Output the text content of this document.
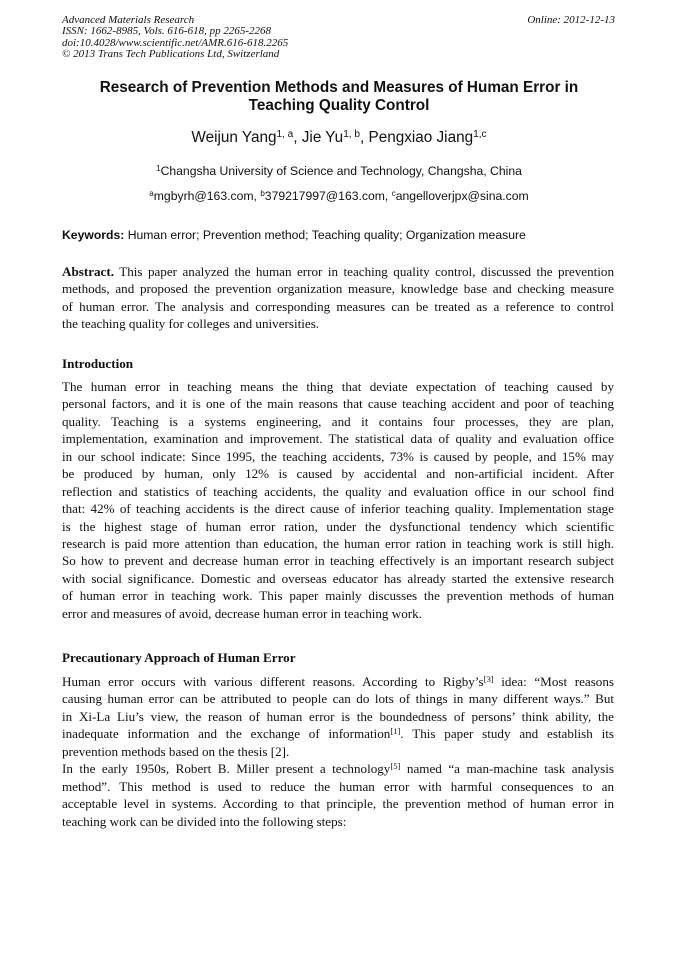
Advanced Materials Research
ISSN: 1662-8985, Vols. 616-618, pp 2265-2268
doi:10.4028/www.scientific.net/AMR.616-618.2265
© 2013 Trans Tech Publications Ltd, Switzerland
Online: 2012-12-13
Research of Prevention Methods and Measures of Human Error in
Teaching Quality Control
Weijun Yang$^{1, a}$, Jie Yu$^{1, b}$, Pengxiao Jiang$^{1,c}$
$^1$Changsha University of Science and Technology, Changsha, China
$^a$mgbyrh@163.com, $^b$379217997@163.com, $^c$angelloverjpx@sina.com
Keywords: Human error; Prevention method; Teaching quality; Organization measure
Abstract. This paper analyzed the human error in teaching quality control, discussed the prevention
methods, and proposed the prevention organization measure, knowledge base and checking measure
of human error. The analysis and corresponding measures can be treated as a reference to control
the teaching quality for colleges and universities.
Introduction
The human error in teaching means the thing that deviate expectation of teaching caused by
personal factors, and it is one of the main reasons that cause teaching accident and poor of teaching
quality. Teaching is a systems engineering, and it contains four processes, they are plan,
implementation, examination and improvement. The statistical data of quality and evaluation office
in our school indicate: Since 1995, the teaching accidents, 73% is caused by people, and 15% may
be produced by human, only 12% is caused by accidental and non-artificial incident. After
reflection and statistics of teaching accidents, the quality and evaluation office in our school find
that: 42% of teaching accidents is the direct cause of inferior teaching quality. Implementation stage
is the highest stage of human error ration, under the dysfunctional tendency which scientific
research is paid more attention than education, the human error ration in teaching work is still high.
So how to prevent and decrease human error in teaching effectively is an important research subject
with social significance. Domestic and overseas educator has already started the extensive research
of human error in teaching work. This paper mainly discusses the prevention methods of human
error and measures of avoid, decrease human error in teaching work.
Precautionary Approach of Human Error
Human error occurs with various different reasons. According to Rigby’s[3] idea: “Most reasons
causing human error can be attributed to people can do lots of things in many different ways.” But
in Xi-La Liu’s view, the reason of human error is the boundedness of persons’ think ability, the
inadequate information and the exchange of information[1]. This paper study and establish its
prevention methods based on the thesis [2].
In the early 1950s, Robert B. Miller present a technology[5] named “a man-machine task analysis
method”. This method is used to reduce the human error with harmful consequences to an
acceptable level in systems. According to that principle, the prevention method of human error in
teaching work can be divided into the following steps:
